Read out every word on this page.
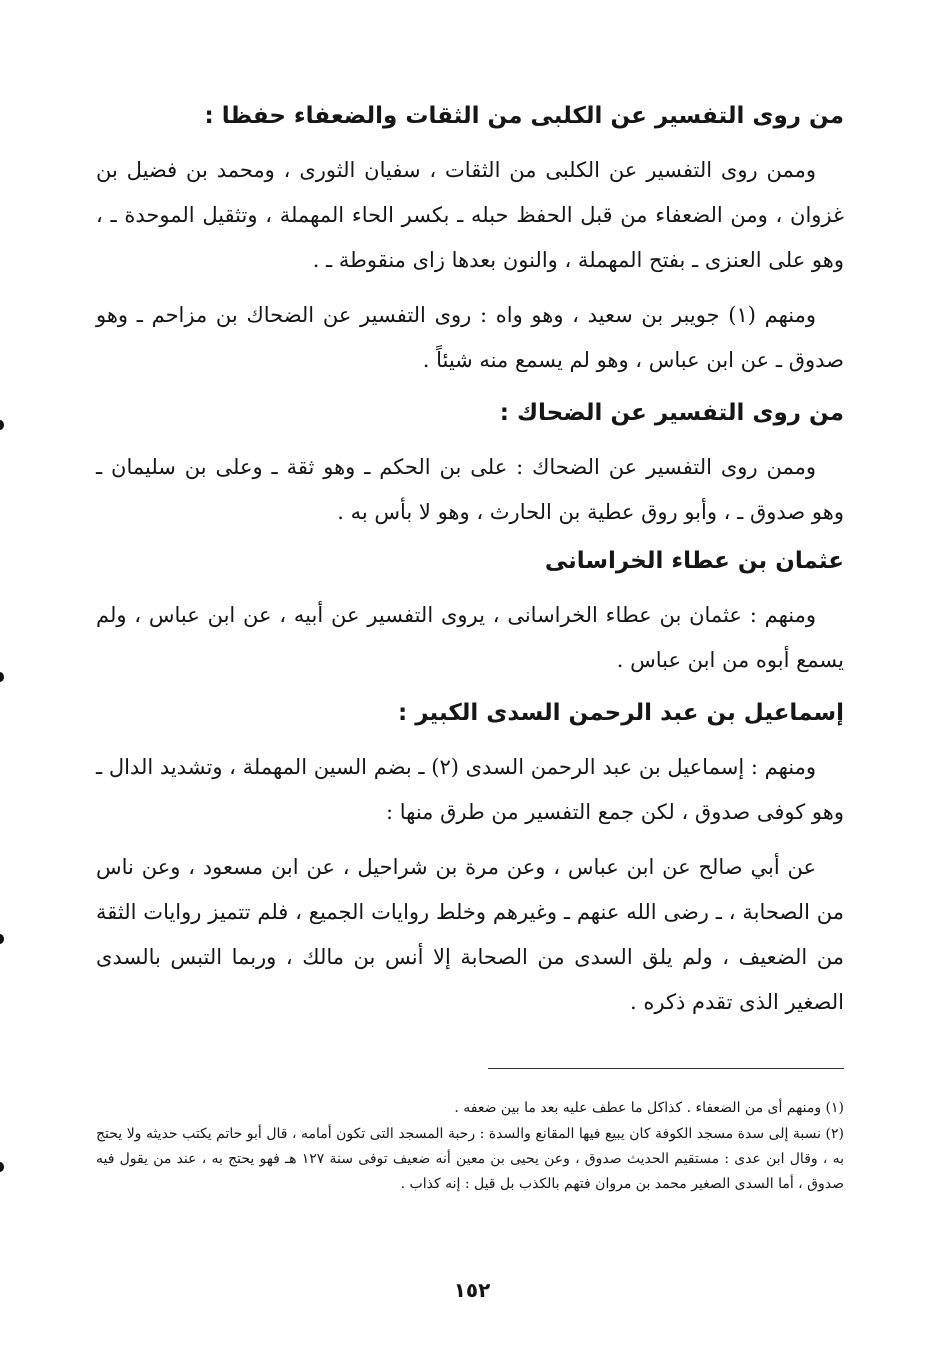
من روى التفسير عن الكلبى من الثقات والضعفاء حفظا :

وممن روى التفسير عن الكلبى من الثقات ، سفيان الثورى ، ومحمد بن فضيل بن غزوان ، ومن الضعفاء من قبل الحفظ حبله ـ بكسر الحاء المهملة ، وتثقيل الموحدة ـ ، وهو على العنزى ـ بفتح المهملة ، والنون بعدها زاى منقوطة ـ .

ومنهم (١) جويبر بن سعيد ، وهو واه : روى التفسير عن الضحاك بن مزاحم ـ وهو صدوق ـ عن ابن عباس ، وهو لم يسمع منه شيئاً .

من روى التفسير عن الضحاك :

وممن روى التفسير عن الضحاك : على بن الحكم ـ وهو ثقة ـ وعلى بن سليمان ـ وهو صدوق ـ ، وأبو روق عطية بن الحارث ، وهو لا بأس به .

عثمان بن عطاء الخراسانى

ومنهم : عثمان بن عطاء الخراسانى ، يروى التفسير عن أبيه ، عن ابن عباس ، ولم يسمع أبوه من ابن عباس .

إسماعيل بن عبد الرحمن السدى الكبير :

ومنهم : إسماعيل بن عبد الرحمن السدى (٢) ـ بضم السين المهملة ، وتشديد الدال ـ وهو كوفى صدوق ، لكن جمع التفسير من طرق منها :

عن أبي صالح عن ابن عباس ، وعن مرة بن شراحيل ، عن ابن مسعود ، وعن ناس من الصحابة ، ـ رضى الله عنهم ـ وغيرهم وخلط روايات الجميع ، فلم تتميز روايات الثقة من الضعيف ، ولم يلق السدى من الصحابة إلا أنس بن مالك ، وربما التبس بالسدى الصغير الذى تقدم ذكره .

(١) ومنهم أى من الضعفاء . كذاكل ما عطف عليه بعد ما بين ضعفه .

(٢) نسبة إلى سدة مسجد الكوفة كان يبيع فيها المقانع والسدة : رحبة المسجد التى تكون أمامه ، قال أبو حاتم يكتب حديثه ولا يحتج به ، وقال ابن عدى : مستقيم الحديث صدوق ، وعن يحيى بن معين أنه ضعيف توفى سنة ١٢٧ هـ فهو يحتج به ، عند من يقول فيه صدوق ، أما السدى الصغير محمد بن مروان فتهم بالكذب بل قيل : إنه كذاب .

١٥٢
